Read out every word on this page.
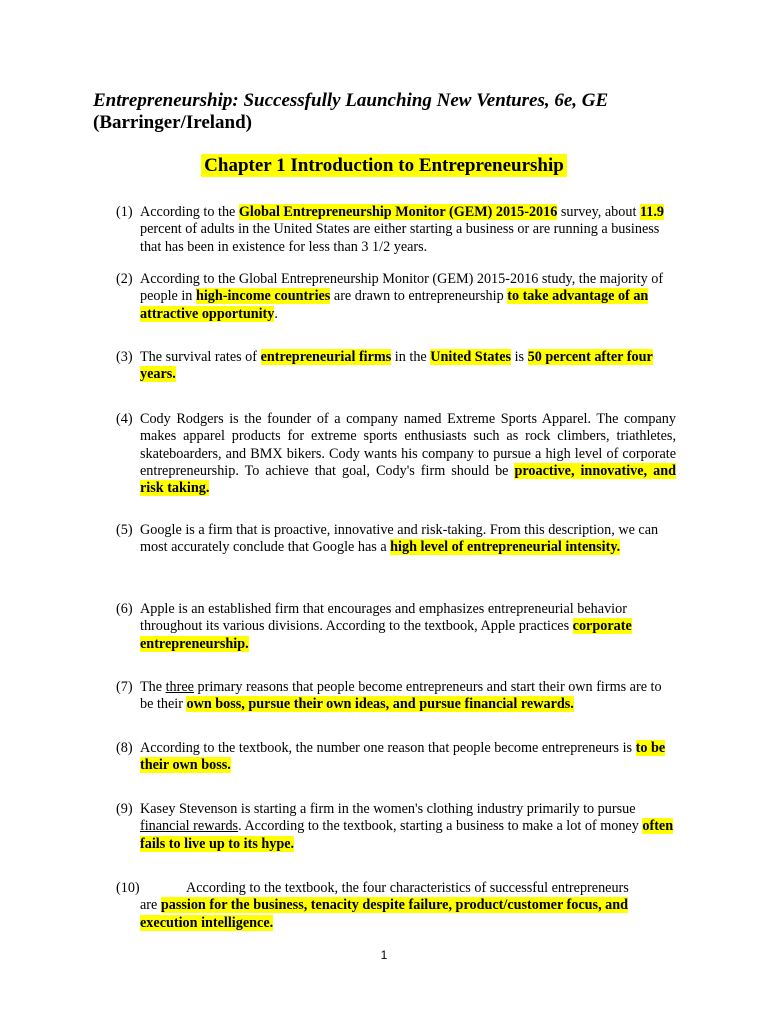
Entrepreneurship: Successfully Launching New Ventures, 6e, GE
(Barringer/Ireland)
Chapter 1 Introduction to Entrepreneurship
(1) According to the Global Entrepreneurship Monitor (GEM) 2015-2016 survey, about 11.9 percent of adults in the United States are either starting a business or are running a business that has been in existence for less than 3 1/2 years.
(2) According to the Global Entrepreneurship Monitor (GEM) 2015-2016 study, the majority of people in high-income countries are drawn to entrepreneurship to take advantage of an attractive opportunity.
(3) The survival rates of entrepreneurial firms in the United States is 50 percent after four years.
(4) Cody Rodgers is the founder of a company named Extreme Sports Apparel. The company makes apparel products for extreme sports enthusiasts such as rock climbers, triathletes, skateboarders, and BMX bikers. Cody wants his company to pursue a high level of corporate entrepreneurship. To achieve that goal, Cody's firm should be proactive, innovative, and risk taking.
(5) Google is a firm that is proactive, innovative and risk-taking. From this description, we can most accurately conclude that Google has a high level of entrepreneurial intensity.
(6) Apple is an established firm that encourages and emphasizes entrepreneurial behavior throughout its various divisions. According to the textbook, Apple practices corporate entrepreneurship.
(7) The three primary reasons that people become entrepreneurs and start their own firms are to be their own boss, pursue their own ideas, and pursue financial rewards.
(8) According to the textbook, the number one reason that people become entrepreneurs is to be their own boss.
(9) Kasey Stevenson is starting a firm in the women's clothing industry primarily to pursue financial rewards. According to the textbook, starting a business to make a lot of money often fails to live up to its hype.
(10)	According to the textbook, the four characteristics of successful entrepreneurs
are passion for the business, tenacity despite failure, product/customer focus, and execution intelligence.
1
